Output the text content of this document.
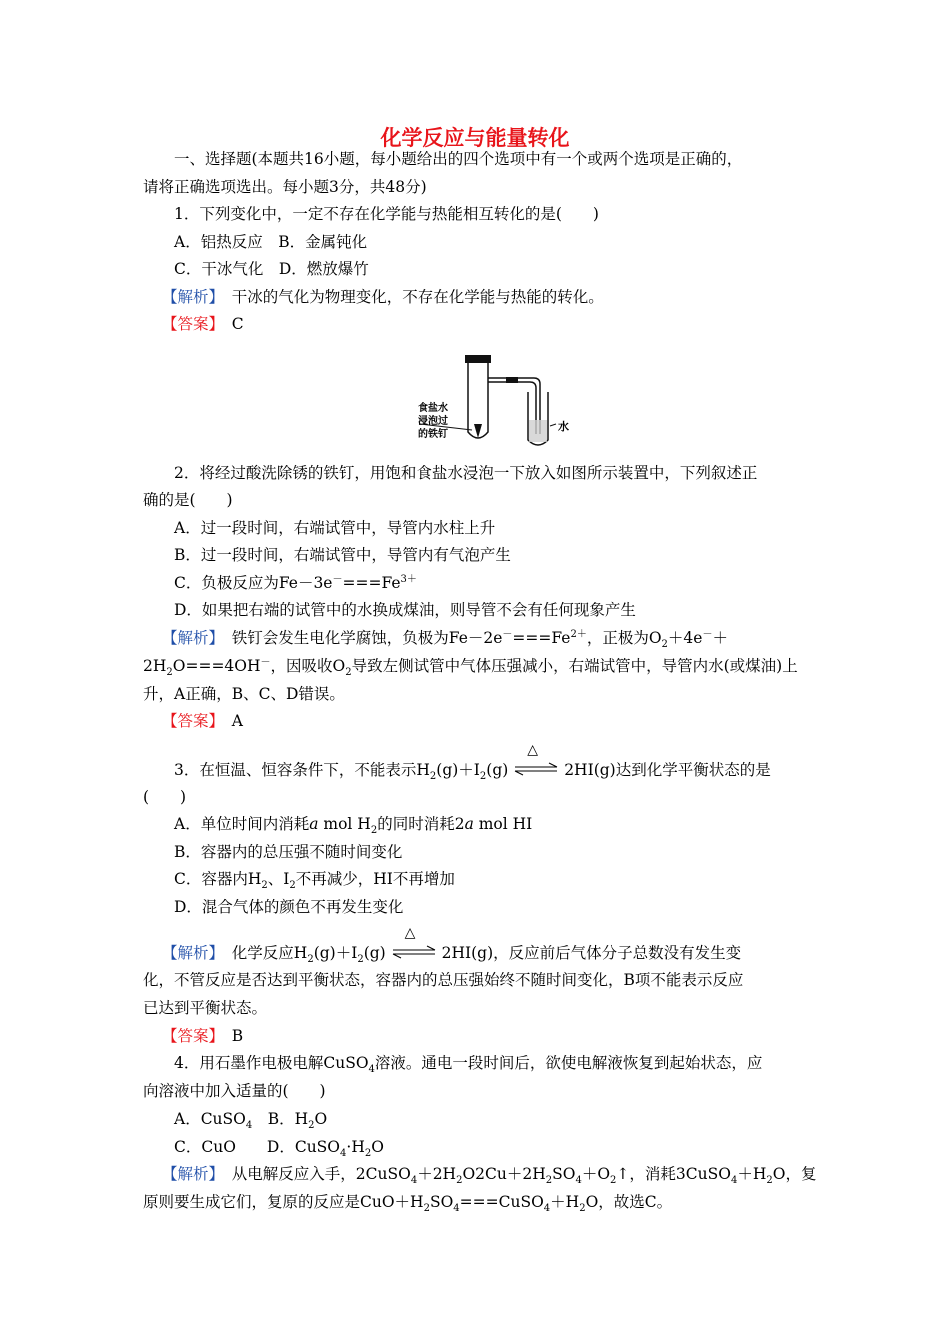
化学反应与能量转化
一、选择题(本题共16小题，每小题给出的四个选项中有一个或两个选项是正确的，
请将正确选项选出。每小题3分，共48分)
1．下列变化中，一定不存在化学能与热能相互转化的是(　　)
A．铝热反应　B．金属钝化
C．干冰气化　D．燃放爆竹
【解析】　 干冰的气化为物理变化，不存在化学能与热能的转化。
【答案】　 C
食盐水
浸泡过
的铁钉
水
2．将经过酸洗除锈的铁钉，用饱和食盐水浸泡一下放入如图所示装置中，下列叙述正
确的是(　　)
A．过一段时间，右端试管中，导管内水柱上升
B．过一段时间，右端试管中，导管内有气泡产生
C．负极反应为$Fe-3e^-===Fe^{3+}$
D．如果把右端的试管中的水换成煤油，则导管不会有任何现象产生
【解析】　 铁钉会发生电化学腐蚀，负极为$Fe-2e^-===Fe^{2+}$，正极为$O_2+4e^-+$
$2H_2O===4OH^-$，因吸收$O_2$导致左侧试管中气体压强减小，右端试管中，导管内水(或煤油)上
升，A正确，B、C、D错误。
【答案】　 A
3．在恒温、恒容条件下，不能表示$H_2(g)+I_2(g)$
△
2HI(g)达到化学平衡状态的是
(　　)
A．单位时间内消耗a mol $H_2$的同时消耗2a mol HI
B．容器内的总压强不随时间变化
C．容器内$H_2$、$I_2$不再减少，HI不再增加
D．混合气体的颜色不再发生变化
【解析】　 化学反应$H_2(g)+I_2(g)$
△
2HI(g)，反应前后气体分子总数没有发生变
化，不管反应是否达到平衡状态，容器内的总压强始终不随时间变化，B项不能表示反应
已达到平衡状态。
【答案】　 B
4．用石墨作电极电解CuSO$_4$溶液。通电一段时间后，欲使电解液恢复到起始状态，应
向溶液中加入适量的(　　)
A．CuSO$_4$　B．$H_2O$
C．CuO　　D．$CuSO_4\cdot H_2O$
【解析】　 从电解反应入手，$2CuSO_4+2H_2O2Cu+2H_2SO_4+O_2↑$，消耗$3CuSO_4+H_2O$，复
原则要生成它们，复原的反应是$CuO+H_2SO_4===CuSO_4+H_2O$，故选C。
